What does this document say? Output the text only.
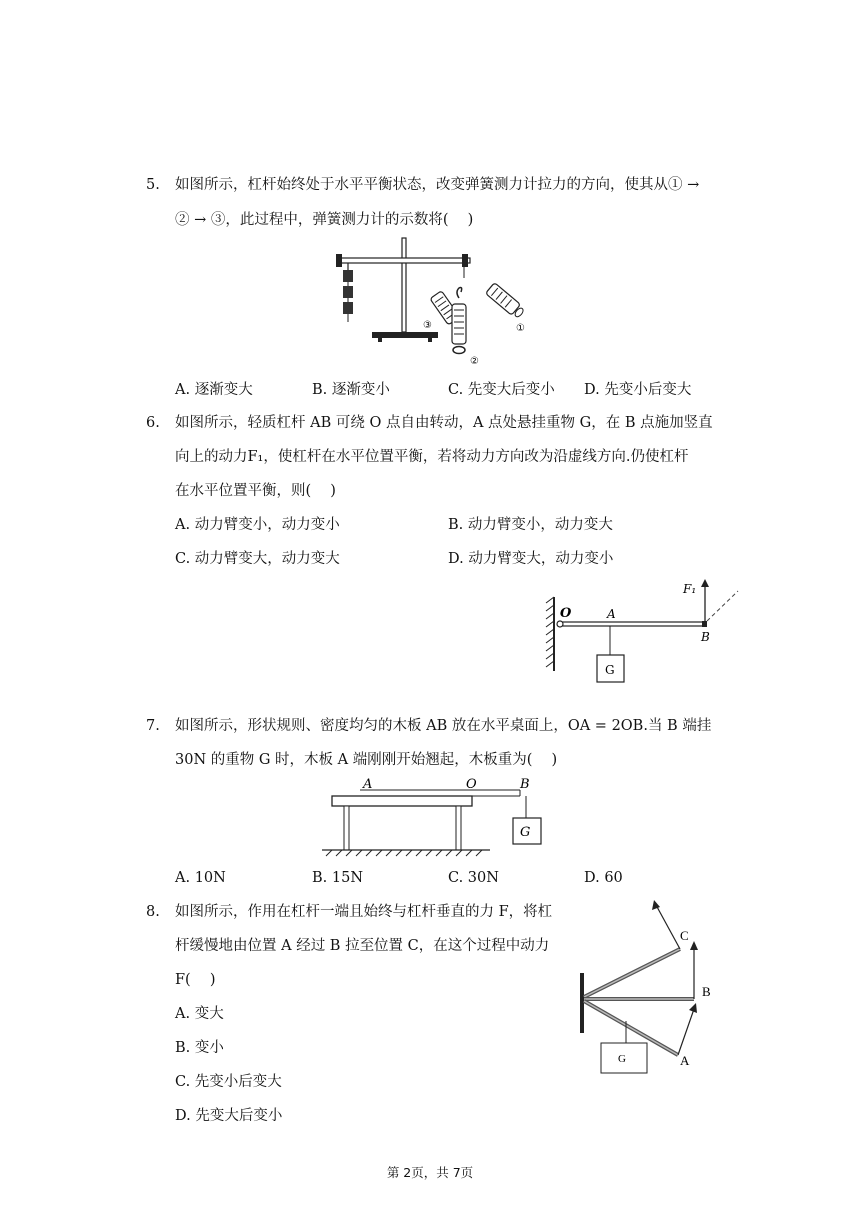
5. 如图所示，杠杆始终处于水平平衡状态，改变弹簧测力计拉力的方向，使其从① →
② → ③，此过程中，弹簧测力计的示数将(　 )
③
②
①
A. 逐渐变大	B. 逐渐变小	C. 先变大后变小 D. 先变小后变大
6. 如图所示，轻质杠杆 AB 可绕 O 点自由转动，A 点处悬挂重物 G，在 B 点施加竖直
向上的动力F₁，使杠杆在水平位置平衡，若将动力方向改为沿虚线方向.仍使杠杆
在水平位置平衡，则(　 )
A. 动力臂变小，动力变小	B. 动力臂变小，动力变大
C. 动力臂变大，动力变大	D. 动力臂变大，动力变小
O	A
B
F₁
G
7. 如图所示，形状规则、密度均匀的木板 AB 放在水平桌面上，OA = 2OB.当 B 端挂
30N 的重物 G 时，木板 A 端刚刚开始翘起，木板重为(　 )
A	O	B
G
A. 10N	B. 15N	C. 30N	D. 60
8. 如图所示，作用在杠杆一端且始终与杠杆垂直的力 F，将杠
杆缓慢地由位置 A 经过 B 拉至位置 C，在这个过程中动力
F(　 )
A. 变大
B. 变小
C. 先变小后变大
D. 先变大后变小
C
B
A
G
第 2页，共 7页
